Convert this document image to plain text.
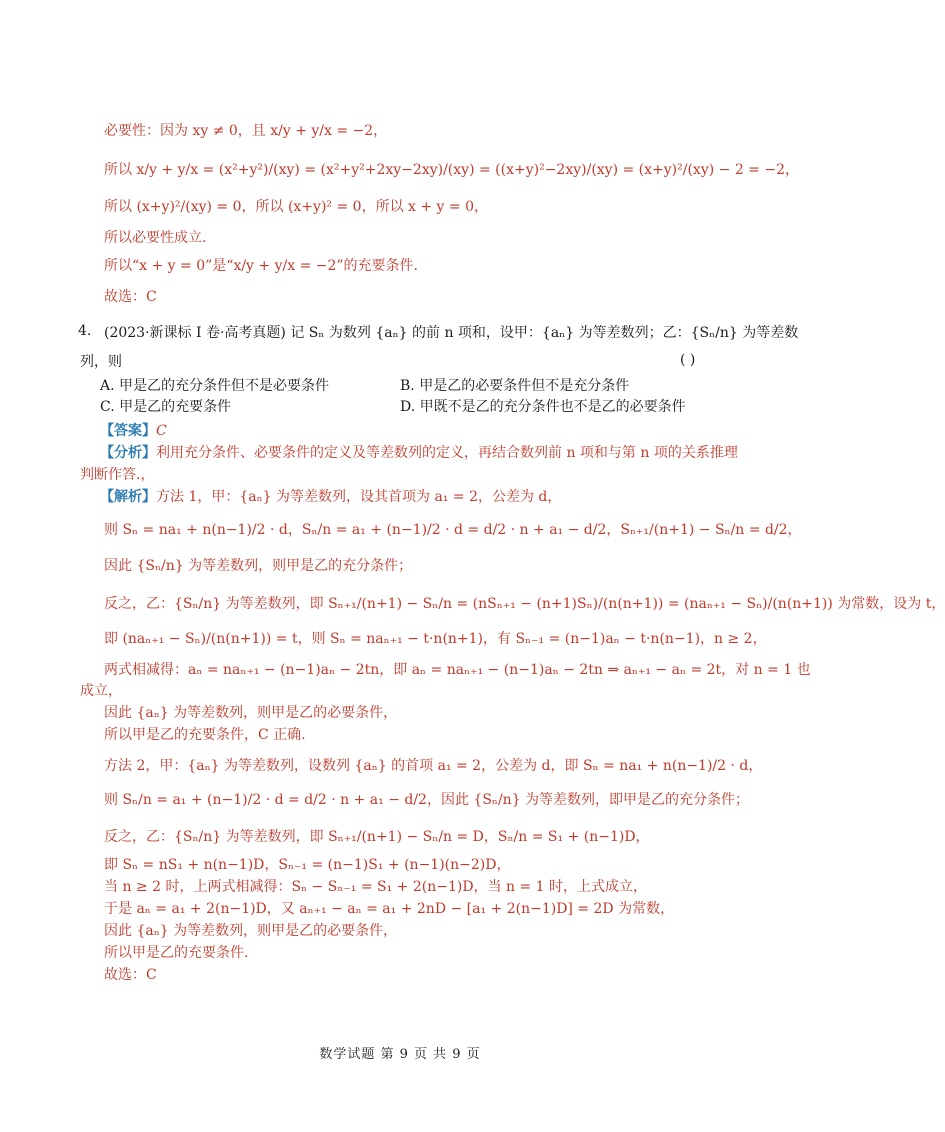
必要性：因为 xy ≠ 0，且 x/y + y/x = −2，
所以 x/y + y/x = (x²+y²)/(xy) = (x²+y²+2xy−2xy)/(xy) = ((x+y)²−2xy)/(xy) = (x+y)²/(xy) − 2 = −2，
所以 (x+y)²/(xy) = 0，所以 (x+y)² = 0，所以 x + y = 0，
所以必要性成立.
所以“x + y = 0”是“x/y + y/x = −2”的充要条件.
故选：C
4. (2023·新课标 Ⅰ 卷·高考真题) 记 Sₙ 为数列 {aₙ} 的前 n 项和，设甲：{aₙ} 为等差数列；乙：{Sₙ/n} 为等差数
列，则	( )
A. 甲是乙的充分条件但不是必要条件	B. 甲是乙的必要条件但不是充分条件
C. 甲是乙的充要条件	D. 甲既不是乙的充分条件也不是乙的必要条件
【答案】C
【分析】利用充分条件、必要条件的定义及等差数列的定义，再结合数列前 n 项和与第 n 项的关系推理
判断作答.，
【解析】方法 1，甲：{aₙ} 为等差数列，设其首项为 a₁ = 2，公差为 d，
则 Sₙ = na₁ + n(n−1)/2 · d，Sₙ/n = a₁ + (n−1)/2 · d = d/2 · n + a₁ − d/2，Sₙ₊₁/(n+1) − Sₙ/n = d/2，
因此 {Sₙ/n} 为等差数列，则甲是乙的充分条件；
反之，乙：{Sₙ/n} 为等差数列，即 Sₙ₊₁/(n+1) − Sₙ/n = (nSₙ₊₁ − (n+1)Sₙ)/(n(n+1)) = (naₙ₊₁ − Sₙ)/(n(n+1)) 为常数，设为 t，
即 (naₙ₊₁ − Sₙ)/(n(n+1)) = t，则 Sₙ = naₙ₊₁ − t·n(n+1)，有 Sₙ₋₁ = (n−1)aₙ − t·n(n−1)，n ≥ 2，
两式相减得：aₙ = naₙ₊₁ − (n−1)aₙ − 2tn，即 aₙ = naₙ₊₁ − (n−1)aₙ − 2tn ⇒ aₙ₊₁ − aₙ = 2t，对 n = 1 也
成立，
因此 {aₙ} 为等差数列，则甲是乙的必要条件，
所以甲是乙的充要条件，C 正确.
方法 2，甲：{aₙ} 为等差数列，设数列 {aₙ} 的首项 a₁ = 2，公差为 d，即 Sₙ = na₁ + n(n−1)/2 · d，
则 Sₙ/n = a₁ + (n−1)/2 · d = d/2 · n + a₁ − d/2，因此 {Sₙ/n} 为等差数列，即甲是乙的充分条件；
反之，乙：{Sₙ/n} 为等差数列，即 Sₙ₊₁/(n+1) − Sₙ/n = D，Sₙ/n = S₁ + (n−1)D，
即 Sₙ = nS₁ + n(n−1)D，Sₙ₋₁ = (n−1)S₁ + (n−1)(n−2)D，
当 n ≥ 2 时，上两式相减得：Sₙ − Sₙ₋₁ = S₁ + 2(n−1)D，当 n = 1 时，上式成立，
于是 aₙ = a₁ + 2(n−1)D，又 aₙ₊₁ − aₙ = a₁ + 2nD − [a₁ + 2(n−1)D] = 2D 为常数，
因此 {aₙ} 为等差数列，则甲是乙的必要条件，
所以甲是乙的充要条件.
故选：C
数学试题 第 9 页 共 9 页
